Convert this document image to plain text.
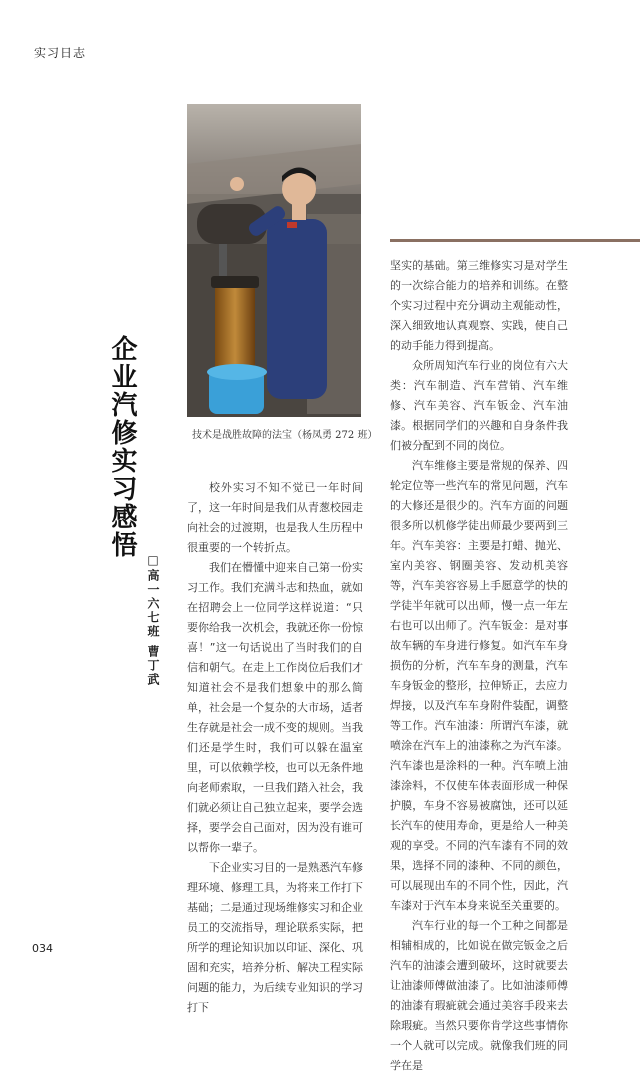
实习日志
技术是战胜故障的法宝（杨凤勇 272 班）
企业汽修实习感悟
□高一六七班 曹丁武

校外实习不知不觉已一年时间了，这一年时间是我们从青葱校园走向社会的过渡期，也是我人生历程中很重要的一个转折点。

我们在懵懂中迎来自己第一份实习工作。我们充满斗志和热血，就如在招聘会上一位同学这样说道：“只要你给我一次机会，我就还你一份惊喜！”这一句话说出了当时我们的自信和朝气。在走上工作岗位后我们才知道社会不是我们想象中的那么简单，社会是一个复杂的大市场，适者生存就是社会一成不变的规则。当我们还是学生时，我们可以躲在温室里，可以依赖学校，也可以无条件地向老师索取，一旦我们踏入社会，我们就必须让自己独立起来，要学会选择，要学会自己面对，因为没有谁可以帮你一辈子。

下企业实习目的一是熟悉汽车修理环境、修理工具，为将来工作打下基础；二是通过现场维修实习和企业员工的交流指导，理论联系实际，把所学的理论知识加以印证、深化、巩固和充实，培养分析、解决工程实际问题的能力，为后续专业知识的学习打下

坚实的基础。第三维修实习是对学生的一次综合能力的培养和训练。在整个实习过程中充分调动主观能动性，深入细致地认真观察、实践，使自己的动手能力得到提高。

众所周知汽车行业的岗位有六大类：汽车制造、汽车营销、汽车维修、汽车美容、汽车钣金、汽车油漆。根据同学们的兴趣和自身条件我们被分配到不同的岗位。

汽车维修主要是常规的保养、四轮定位等一些汽车的常见问题，汽车的大修还是很少的。汽车方面的问题很多所以机修学徒出师最少要两到三年。汽车美容：主要是打蜡、抛光、室内美容、钢圈美容、发动机美容等，汽车美容容易上手愿意学的快的学徒半年就可以出师，慢一点一年左右也可以出师了。汽车钣金：是对事故车辆的车身进行修复。如汽车车身损伤的分析，汽车车身的测量，汽车车身钣金的整形，拉伸矫正，去应力焊接，以及汽车车身附件装配，调整等工作。汽车油漆：所谓汽车漆，就喷涂在汽车上的油漆称之为汽车漆。汽车漆也是涂料的一种。汽车喷上油漆涂料，不仅使车体表面形成一种保护膜，车身不容易被腐蚀，还可以延长汽车的使用寿命，更是给人一种美观的享受。不同的汽车漆有不同的效果，选择不同的漆种、不同的颜色，可以展现出车的不同个性，因此，汽车漆对于汽车本身来说至关重要的。

汽车行业的每一个工种之间都是相辅相成的，比如说在做完钣金之后汽车的油漆会遭到破坏，这时就要去让油漆师傅做油漆了。比如油漆师傅的油漆有瑕疵就会通过美容手段来去除瑕疵。当然只要你肯学这些事情你一个人就可以完成。就像我们班的同学在是

034
